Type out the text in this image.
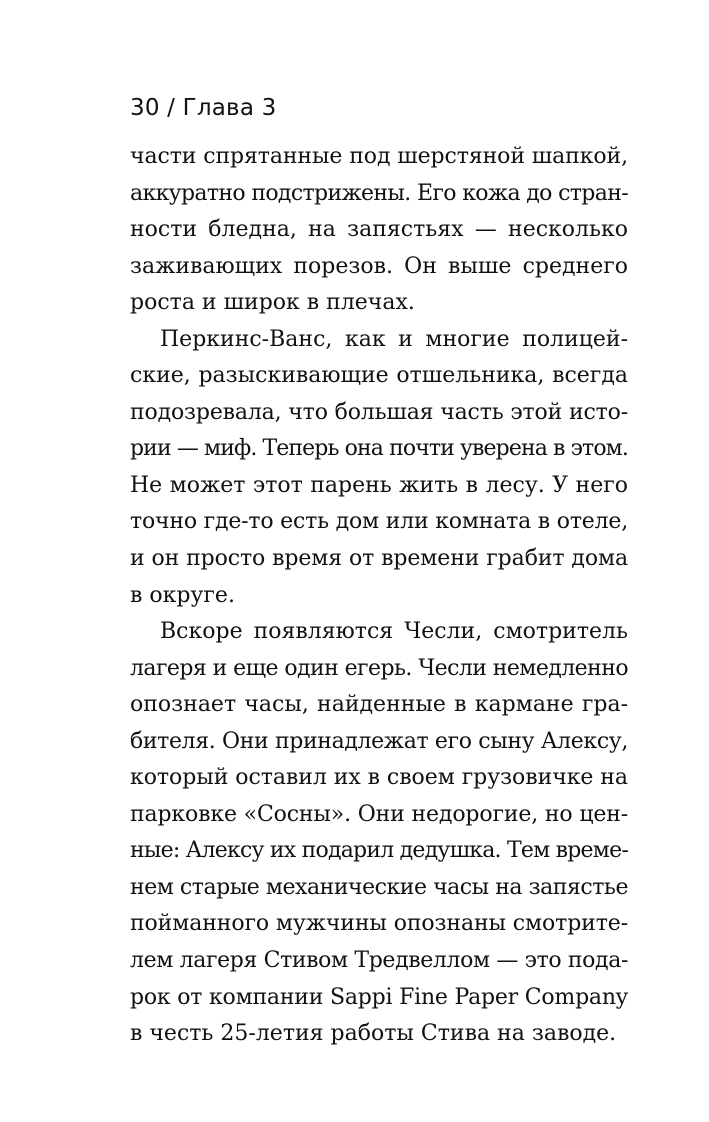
30 / Глава 3
части спрятанные под шерстяной шапкой,
аккуратно подстрижены. Его кожа до стран-
ности бледна, на запястьях — несколько
заживающих порезов. Он выше среднего
роста и широк в плечах.
Перкинс-Ванс, как и многие полицей-
ские, разыскивающие отшельника, всегда
подозревала, что большая часть этой исто-
рии — миф. Теперь она почти уверена в этом.
Не может этот парень жить в лесу. У него
точно где-то есть дом или комната в отеле,
и он просто время от времени грабит дома
в округе.
Вскоре появляются Чесли, смотритель
лагеря и еще один егерь. Чесли немедленно
опознает часы, найденные в кармане гра-
бителя. Они принадлежат его сыну Алексу,
который оставил их в своем грузовичке на
парковке «Сосны». Они недорогие, но цен-
ные: Алексу их подарил дедушка. Тем време-
нем старые механические часы на запястье
пойманного мужчины опознаны смотрите-
лем лагеря Стивом Тредвеллом — это пода-
рок от компании Sappi Fine Paper Company
в честь 25-летия работы Стива на заводе.
